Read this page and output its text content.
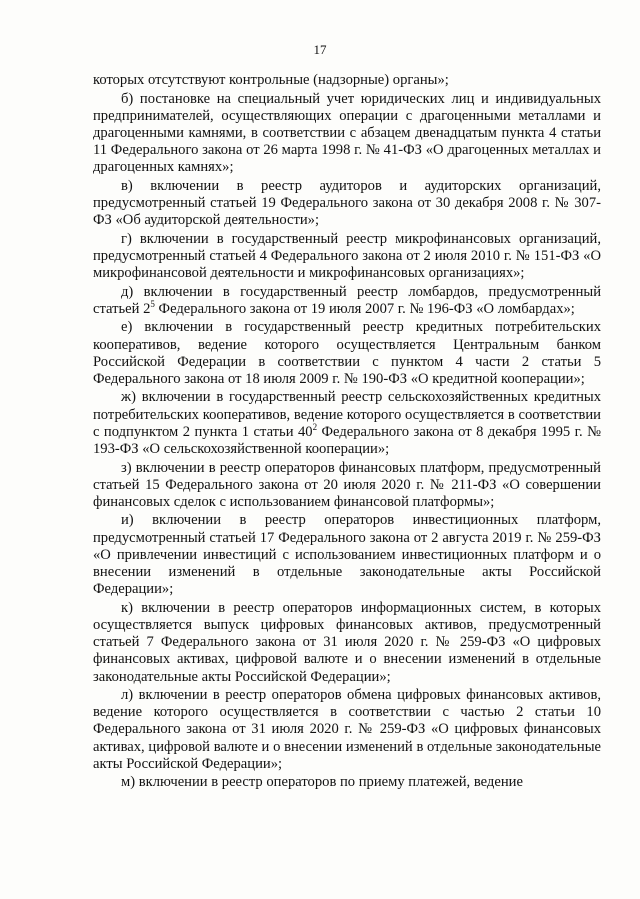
17

которых отсутствуют контрольные (надзорные) органы»;

б) постановке на специальный учет юридических лиц и индивидуальных предпринимателей, осуществляющих операции с драгоценными металлами и драгоценными камнями, в соответствии с абзацем двенадцатым пункта 4 статьи 11 Федерального закона от 26 марта 1998 г. № 41-ФЗ «О драгоценных металлах и драгоценных камнях»;

в) включении в реестр аудиторов и аудиторских организаций, предусмотренный статьей 19 Федерального закона от 30 декабря 2008 г. № 307-ФЗ «Об аудиторской деятельности»;

г) включении в государственный реестр микрофинансовых организаций, предусмотренный статьей 4 Федерального закона от 2 июля 2010 г. № 151-ФЗ «О микрофинансовой деятельности и микрофинансовых организациях»;

д) включении в государственный реестр ломбардов, предусмотренный статьей $2^5$ Федерального закона от 19 июля 2007 г. № 196-ФЗ «О ломбардах»;

е) включении в государственный реестр кредитных потребительских кооперативов, ведение которого осуществляется Центральным банком Российской Федерации в соответствии с пунктом 4 части 2 статьи 5 Федерального закона от 18 июля 2009 г. № 190-ФЗ «О кредитной кооперации»;

ж) включении в государственный реестр сельскохозяйственных кредитных потребительских кооперативов, ведение которого осуществляется в соответствии с подпунктом 2 пункта 1 статьи $40^2$ Федерального закона от 8 декабря 1995 г. № 193-ФЗ «О сельскохозяйственной кооперации»;

з) включении в реестр операторов финансовых платформ, предусмотренный статьей 15 Федерального закона от 20 июля 2020 г. № 211-ФЗ «О совершении финансовых сделок с использованием финансовой платформы»;

и) включении в реестр операторов инвестиционных платформ, предусмотренный статьей 17 Федерального закона от 2 августа 2019 г. № 259-ФЗ «О привлечении инвестиций с использованием инвестиционных платформ и о внесении изменений в отдельные законодательные акты Российской Федерации»;

к) включении в реестр операторов информационных систем, в которых осуществляется выпуск цифровых финансовых активов, предусмотренный статьей 7 Федерального закона от 31 июля 2020 г. № 259-ФЗ «О цифровых финансовых активах, цифровой валюте и о внесении изменений в отдельные законодательные акты Российской Федерации»;

л) включении в реестр операторов обмена цифровых финансовых активов, ведение которого осуществляется в соответствии с частью 2 статьи 10 Федерального закона от 31 июля 2020 г. № 259-ФЗ «О цифровых финансовых активах, цифровой валюте и о внесении изменений в отдельные законодательные акты Российской Федерации»;

м) включении в реестр операторов по приему платежей, ведение
